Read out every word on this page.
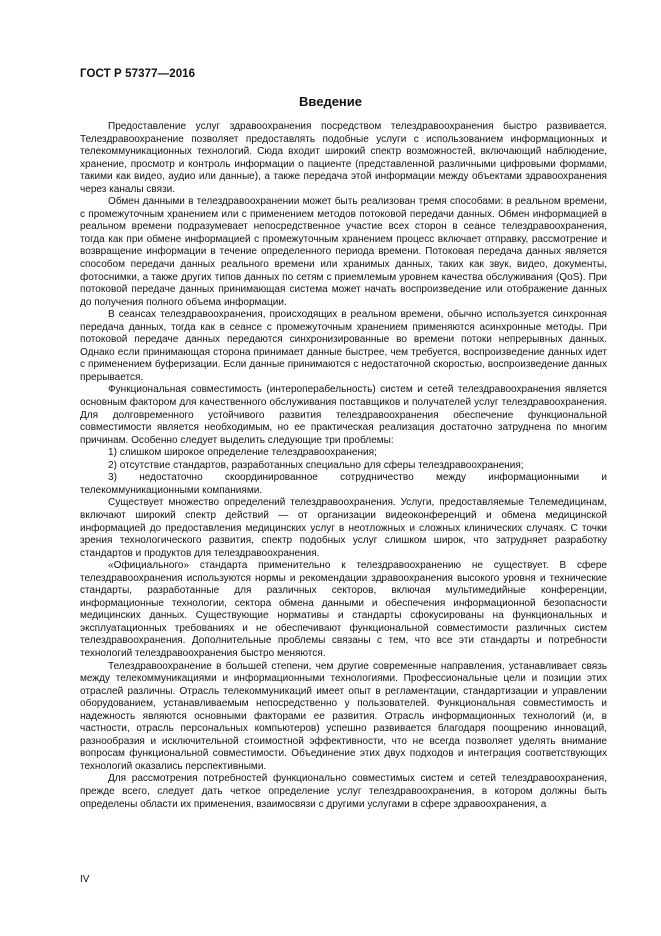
ГОСТ Р 57377—2016
Введение

Предоставление услуг здравоохранения посредством телездравоохранения быстро развивается. Телездравоохранение позволяет предоставлять подобные услуги с использованием информационных и телекоммуникационных технологий. Сюда входит широкий спектр возможностей, включающий наблюдение, хранение, просмотр и контроль информации о пациенте (представленной различными цифровыми формами, такими как видео, аудио или данные), а также передача этой информации между объектами здравоохранения через каналы связи.

Обмен данными в телездравоохранении может быть реализован тремя способами: в реальном времени, с промежуточным хранением или с применением методов потоковой передачи данных. Обмен информацией в реальном времени подразумевает непосредственное участие всех сторон в сеансе телездравоохранения, тогда как при обмене информацией с промежуточным хранением процесс включает отправку, рассмотрение и возвращение информации в течение определенного периода времени. Потоковая передача данных является способом передачи данных реального времени или хранимых данных, таких как звук, видео, документы, фотоснимки, а также других типов данных по сетям с приемлемым уровнем качества обслуживания (QoS). При потоковой передаче данных принимающая система может начать воспроизведение или отображение данных до получения полного объема информации.

В сеансах телездравоохранения, происходящих в реальном времени, обычно используется синхронная передача данных, тогда как в сеансе с промежуточным хранением применяются асинхронные методы. При потоковой передаче данных передаются синхронизированные во времени потоки непрерывных данных. Однако если принимающая сторона принимает данные быстрее, чем требуется, воспроизведение данных идет с применением буферизации. Если данные принимаются с недостаточной скоростью, воспроизведение данных прерывается.

Функциональная совместимость (интероперабельность) систем и сетей телездравоохранения является основным фактором для качественного обслуживания поставщиков и получателей услуг телездравоохранения. Для долговременного устойчивого развития телездравоохранения обеспечение функциональной совместимости является необходимым, но ее практическая реализация достаточно затруднена по многим причинам. Особенно следует выделить следующие три проблемы:

1) слишком широкое определение телездравоохранения;

2) отсутствие стандартов, разработанных специально для сферы телездравоохранения;

3) недостаточно скоординированное сотрудничество между информационными и телекоммуникационными компаниями.

Существует множество определений телездравоохранения. Услуги, предоставляемые Телемедицинам, включают широкий спектр действий — от организации видеоконференций и обмена медицинской информацией до предоставления медицинских услуг в неотложных и сложных клинических случаях. С точки зрения технологического развития, спектр подобных услуг слишком широк, что затрудняет разработку стандартов и продуктов для телездравоохранения.

«Официального» стандарта применительно к телездравоохранению не существует. В сфере телездравоохранения используются нормы и рекомендации здравоохранения высокого уровня и технические стандарты, разработанные для различных секторов, включая мультимедийные конференции, информационные технологии, сектора обмена данными и обеспечения информационной безопасности медицинских данных. Существующие нормативы и стандарты сфокусированы на функциональных и эксплуатационных требованиях и не обеспечивают функциональной совместимости различных систем телездравоохранения. Дополнительные проблемы связаны с тем, что все эти стандарты и потребности технологий телездравоохранения быстро меняются.

Телездравоохранение в большей степени, чем другие современные направления, устанавливает связь между телекоммуникациями и информационными технологиями. Профессиональные цели и позиции этих отраслей различны. Отрасль телекоммуникаций имеет опыт в регламентации, стандартизации и управлении оборудованием, устанавливаемым непосредственно у пользователей. Функциональная совместимость и надежность являются основными факторами ее развития. Отрасль информационных технологий (и, в частности, отрасль персональных компьютеров) успешно развивается благодаря поощрению инноваций, разнообразия и исключительной стоимостной эффективности, что не всегда позволяет уделять внимание вопросам функциональной совместимости. Объединение этих двух подходов и интеграция соответствующих технологий оказались перспективными.

Для рассмотрения потребностей функционально совместимых систем и сетей телездравоохранения, прежде всего, следует дать четкое определение услуг телездравоохранения, в котором должны быть определены области их применения, взаимосвязи с другими услугами в сфере здравоохранения, а

IV
